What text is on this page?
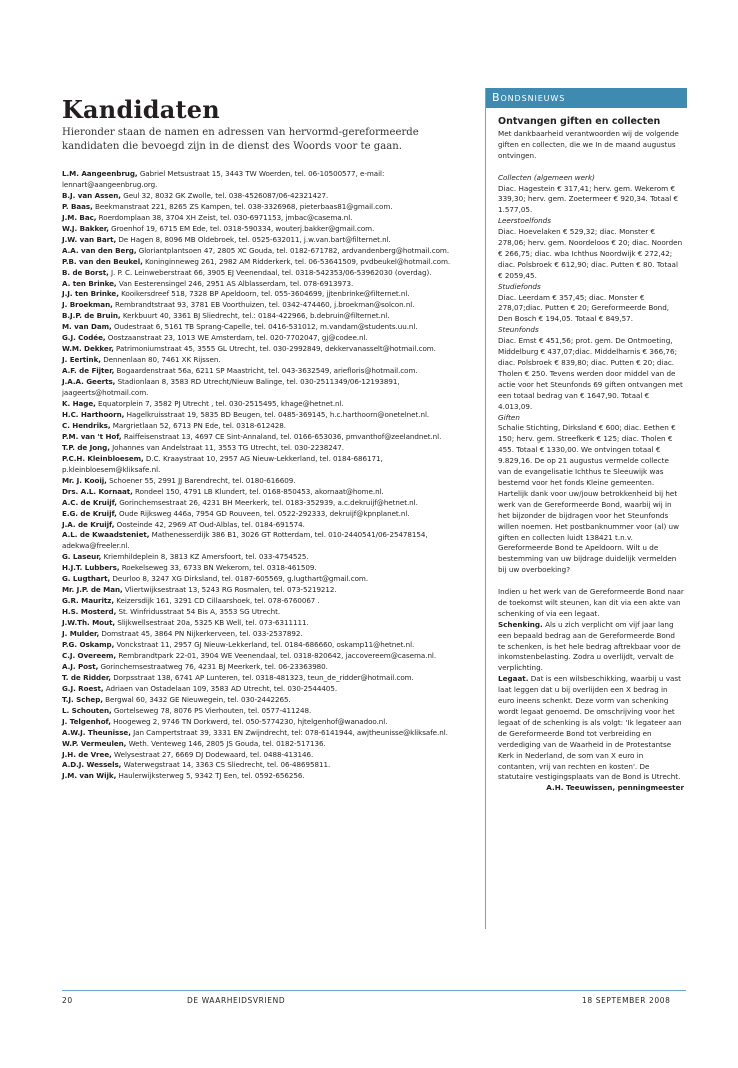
Kandidaten

Hieronder staan de namen en adressen van hervormd-gereformeerde kandidaten die bevoegd zijn in de dienst des Woords voor te gaan.

L.M. Aangeenbrug, Gabriel Metsustraat 15, 3443 TW Woerden, tel. 06-10500577, e-mail: lennart@aangeenbrug.org.
B.J. van Assen, Geul 32, 8032 GK Zwolle, tel. 038-4526087/06-42321427.
P. Baas, Beekmanstraat 221, 8265 ZS Kampen, tel. 038-3326968, pieterbaas81@gmail.com.
J.M. Bac, Roerdomplaan 38, 3704 XH Zeist, tel. 030-6971153, jmbac@casema.nl.
W.J. Bakker, Groenhof 19, 6715 EM Ede, tel. 0318-590334, wouterj.bakker@gmail.com.
J.W. van Bart, De Hagen 8, 8096 MB Oldebroek, tel. 0525-632011, j.w.van.bart@filternet.nl.
A.A. van den Berg, Gloriantplantsoen 47, 2805 XC Gouda, tel. 0182-671782, ardvandenberg@hotmail.com.
P.B. van den Beukel, Koninginneweg 261, 2982 AM Ridderkerk, tel. 06-53641509, pvdbeukel@hotmail.com.
B. de Borst, J. P. C. Leinweberstraat 66, 3905 EJ Veenendaal, tel. 0318-542353/06-53962030 (overdag).
A. ten Brinke, Van Eesterensingel 246, 2951 AS Alblasserdam, tel. 078-6913973.
J.J. ten Brinke, Kooikersdreef 518, 7328 BP Apeldoorn, tel. 055-3604699, jjtenbrinke@filternet.nl.
J. Broekman, Rembrandtstraat 93, 3781 EB Voorthuizen, tel. 0342-474460, j.broekman@solcon.nl.
B.J.P. de Bruin, Kerkbuurt 40, 3361 BJ Sliedrecht, tel.: 0184-422966, b.debruin@filternet.nl.
M. van Dam, Oudestraat 6, 5161 TB Sprang-Capelle, tel. 0416-531012, m.vandam@students.uu.nl.
G.J. Codée, Oostzaanstraat 23, 1013 WE Amsterdam, tel. 020-7702047, gj@codee.nl.
W.M. Dekker, Patrimoniumstraat 45, 3555 GL Utrecht, tel. 030-2992849, dekkervanasselt@hotmail.com.
J. Eertink, Dennenlaan 80, 7461 XK Rijssen.
A.F. de Fijter, Bogaardenstraat 56a, 6211 SP Maastricht, tel. 043-3632549, ariefloris@hotmail.com.
J.A.A. Geerts, Stadionlaan 8, 3583 RD Utrecht/Nieuw Balinge, tel. 030-2511349/06-12193891, jaageerts@hotmail.com.
K. Hage, Equatorplein 7, 3582 PJ Utrecht , tel. 030-2515495, khage@hetnet.nl.
H.C. Harthoorn, Hagelkruisstraat 19, 5835 BD Beugen, tel. 0485-369145, h.c.harthoorn@onetelnet.nl.
C. Hendriks, Margrietlaan 52, 6713 PN Ede, tel. 0318-612428.
P.M. van 't Hof, Raiffeisenstraat 13, 4697 CE Sint-Annaland, tel. 0166-653036, pmvanthof@zeelandnet.nl.
T.P. de Jong, Johannes van Andelstraat 11, 3553 TG Utrecht, tel. 030-2238247.
P.C.H. Kleinbloesem, D.C. Kraaystraat 10, 2957 AG Nieuw-Lekkerland, tel. 0184-686171, p.kleinbloesem@kliksafe.nl.
Mr. J. Kooij, Schoener 55, 2991 JJ Barendrecht, tel. 0180-616609.
Drs. A.L. Kornaat, Rondeel 150, 4791 LB Klundert, tel. 0168-850453, akornaat@home.nl.
A.C. de Kruijf, Gorinchemsestraat 26, 4231 BH Meerkerk, tel. 0183-352939, a.c.dekruijf@hetnet.nl.
E.G. de Kruijf, Oude Rijksweg 446a, 7954 GD Rouveen, tel. 0522-292333, dekruijf@kpnplanet.nl.
J.A. de Kruijf, Oosteinde 42, 2969 AT Oud-Alblas, tel. 0184-691574.
A.L. de Kwaadsteniet, Mathenesserdijk 386 B1, 3026 GT Rotterdam, tel. 010-2440541/06-25478154, adekwa@freeler.nl.
G. Laseur, Kriemhildeplein 8, 3813 KZ Amersfoort, tel. 033-4754525.
H.J.T. Lubbers, Roekelseweg 33, 6733 BN Wekerom, tel. 0318-461509.
G. Lugthart, Deurloo 8, 3247 XG Dirksland, tel. 0187-605569, g.lugthart@gmail.com.
Mr. J.P. de Man, Vliertwijksestraat 13, 5243 RG Rosmalen, tel. 073-5219212.
G.R. Mauritz, Keizersdijk 161, 3291 CD Cillaarshoek, tel. 078-6760067 .
H.S. Mosterd, St. Winfridusstraat 54 Bis A, 3553 SG Utrecht.
J.W.Th. Mout, Slijkwellsestraat 20a, 5325 KB Well, tel. 073-6311111.
J. Mulder, Domstraat 45, 3864 PN Nijkerkerveen, tel. 033-2537892.
P.G. Oskamp, Vonckstraat 11, 2957 GJ Nieuw-Lekkerland, tel. 0184-686660, oskamp11@hetnet.nl.
C.J. Overeem, Rembrandtpark 22-01, 3904 WE Veenendaal, tel. 0318-820642, jaccovereem@casema.nl.
A.J. Post, Gorinchemsestraatweg 76, 4231 BJ Meerkerk, tel. 06-23363980.
T. de Ridder, Dorpsstraat 138, 6741 AP Lunteren, tel. 0318-481323, teun_de_ridder@hotmail.com.
G.J. Roest, Adriaen van Ostadelaan 109, 3583 AD Utrecht, tel. 030-2544405.
T.J. Schep, Bergwal 60, 3432 GE Nieuwegein, tel. 030-2442265.
L. Schouten, Gortelseweg 78, 8076 PS Vierhouten, tel. 0577-411248.
J. Telgenhof, Hoogeweg 2, 9746 TN Dorkwerd, tel. 050-5774230, hjtelgenhof@wanadoo.nl.
A.W.J. Theunisse, Jan Campertstraat 39, 3331 EN Zwijndrecht, tel: 078-6141944, awjtheunisse@kliksafe.nl.
W.P. Vermeulen, Weth. Venteweg 146, 2805 JS Gouda, tel. 0182-517136.
J.H. de Vree, Welysestraat 27, 6669 DJ Dodewaard, tel. 0488-413146.
A.D.J. Wessels, Waterwegstraat 14, 3363 CS Sliedrecht, tel. 06-48695811.
J.M. van Wijk, Haulerwijksterweg 5, 9342 TJ Een, tel. 0592-656256.
Bondsnieuws
Ontvangen giften en collecten

Met dankbaarheid verantwoorden wij de volgende giften en collecten, die we In de maand augustus ontvingen.

Collecten (algemeen werk)

Diac. Hagestein € 317,41; herv. gem. Wekerom € 339,30; herv. gem. Zoetermeer € 920,34. Totaal € 1.577,05.

Leerstoelfonds

Diac. Hoevelaken € 529,32; diac. Monster € 278,06; herv. gem. Noordeloos € 20; diac. Noorden € 266,75; diac. wba Ichthus Noordwijk € 272,42; diac. Polsbroek € 612,90; diac. Putten € 80. Totaal € 2059,45.

Studiefonds

Diac. Leerdam € 357,45; diac. Monster € 278,07;diac. Putten € 20; Gereformeerde Bond, Den Bosch € 194,05. Totaal € 849,57.

Steunfonds

Diac. Emst € 451,56; prot. gem. De Ontmoeting, Middelburg € 437,07;diac. Middelharnis € 366,76; diac. Polsbroek € 839,80; diac. Putten € 20; diac. Tholen € 250. Tevens werden door middel van de actie voor het Steunfonds 69 giften ontvangen met een totaal bedrag van € 1647,90. Totaal € 4.013,09.

Giften

Schalie Stichting, Dirksland € 600; diac. Eethen € 150; herv. gem. Streefkerk € 125; diac. Tholen € 455. Totaal € 1330,00. We ontvingen totaal € 9.829,16. De op 21 augustus vermelde collecte van de evangelisatie Ichthus te Sleeuwijk was bestemd voor het fonds Kleine gemeenten. Hartelijk dank voor uw/jouw betrokkenheid bij het werk van de Gereformeerde Bond, waarbij wij in het bijzonder de bijdragen voor het Steunfonds willen noemen. Het postbanknummer voor (al) uw giften en collecten luidt 138421 t.n.v. Gereformeerde Bond te Apeldoorn. Wilt u de bestemming van uw bijdrage duidelijk vermelden bij uw overboeking?

Indien u het werk van de Gereformeerde Bond naar de toekomst wilt steunen, kan dit via een akte van schenking of via een legaat.

Schenking. Als u zich verplicht om vijf jaar lang een bepaald bedrag aan de Gereformeerde Bond te schenken, is het hele bedrag aftrekbaar voor de inkomstenbelasting. Zodra u overlijdt, vervalt de verplichting.

Legaat. Dat is een wilsbeschikking, waarbij u vast laat leggen dat u bij overlijden een X bedrag in euro ineens schenkt. Deze vorm van schenking wordt legaat genoemd. De omschrijving voor het legaat of de schenking is als volgt: 'Ik legateer aan de Gereformeerde Bond tot verbreiding en verdediging van de Waarheid in de Protestantse Kerk in Nederland, de som van X euro in contanten, vrij van rechten en kosten'. De statutaire vestigingsplaats van de Bond is Utrecht.

A.H. Teeuwissen, penningmeester

20	DE WAARHEIDSVRIEND	18 SEPTEMBER 2008
